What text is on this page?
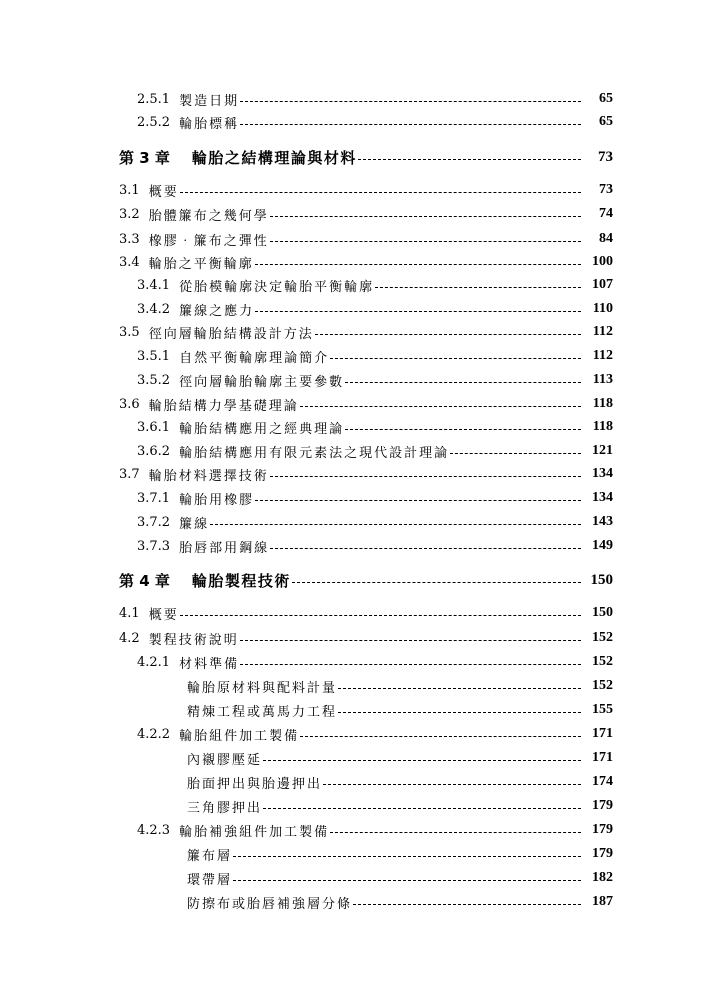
2.5.1 製造日期	65
2.5.2 輪胎標稱	65
第 3 章 輪胎之結構理論與材料	73
3.1 概要	73
3.2 胎體簾布之幾何學	74
3.3 橡膠‧簾布之彈性	84
3.4 輪胎之平衡輪廓	100
3.4.1 從胎模輪廓決定輪胎平衡輪廓	107
3.4.2 簾線之應力	110
3.5 徑向層輪胎結構設計方法	112
3.5.1 自然平衡輪廓理論簡介	112
3.5.2 徑向層輪胎輪廓主要參數	113
3.6 輪胎結構力學基礎理論	118
3.6.1 輪胎結構應用之經典理論	118
3.6.2 輪胎結構應用有限元素法之現代設計理論	121
3.7 輪胎材料選擇技術	134
3.7.1 輪胎用橡膠	134
3.7.2 簾線	143
3.7.3 胎唇部用鋼線	149
第 4 章 輪胎製程技術	150
4.1 概要	150
4.2 製程技術說明	152
4.2.1 材料準備	152
輪胎原材料與配料計量	152
精煉工程或萬馬力工程	155
4.2.2 輪胎組件加工製備	171
內襯膠壓延	171
胎面押出與胎邊押出	174
三角膠押出	179
4.2.3 輪胎補強組件加工製備	179
簾布層	179
環帶層	182
防擦布或胎唇補強層分條	187
